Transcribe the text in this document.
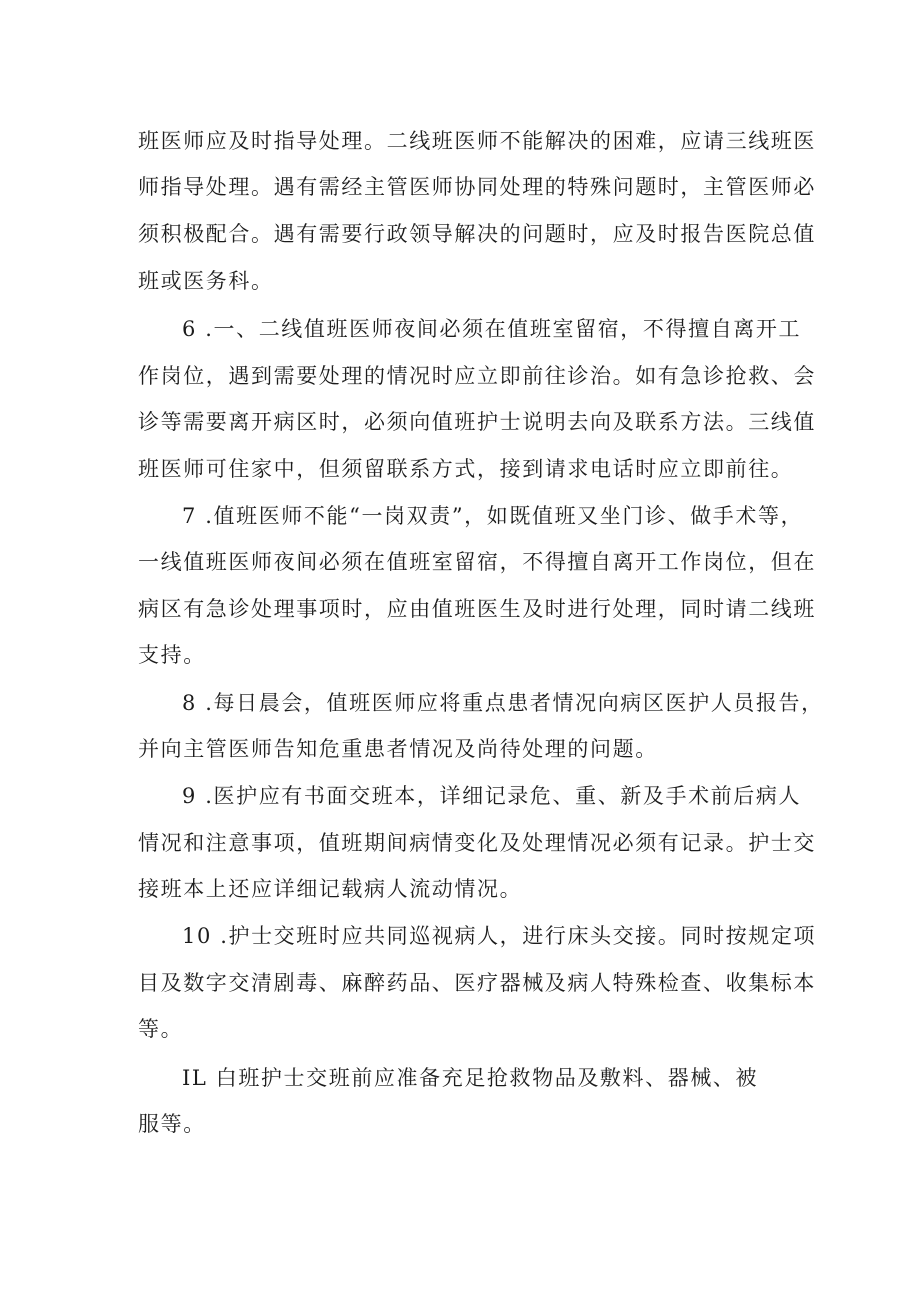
班医师应及时指导处理。二线班医师不能解决的困难，应请三线班医
师指导处理。遇有需经主管医师协同处理的特殊问题时，主管医师必
须积极配合。遇有需要行政领导解决的问题时，应及时报告医院总值
班或医务科。
6 .一、二线值班医师夜间必须在值班室留宿，不得擅自离开工
作岗位，遇到需要处理的情况时应立即前往诊治。如有急诊抢救、会
诊等需要离开病区时，必须向值班护士说明去向及联系方法。三线值
班医师可住家中，但须留联系方式，接到请求电话时应立即前往。
7 .值班医师不能“一岗双责”，如既值班又坐门诊、做手术等，
一线值班医师夜间必须在值班室留宿，不得擅自离开工作岗位，但在
病区有急诊处理事项时，应由值班医生及时进行处理，同时请二线班
支持。
8 .每日晨会，值班医师应将重点患者情况向病区医护人员报告，
并向主管医师告知危重患者情况及尚待处理的问题。
9 .医护应有书面交班本，详细记录危、重、新及手术前后病人
情况和注意事项，值班期间病情变化及处理情况必须有记录。护士交
接班本上还应详细记载病人流动情况。
10 .护士交班时应共同巡视病人，进行床头交接。同时按规定项
目及数字交清剧毒、麻醉药品、医疗器械及病人特殊检查、收集标本
等。
IL 白班护士交班前应准备充足抢救物品及敷料、器械、被
服等。
